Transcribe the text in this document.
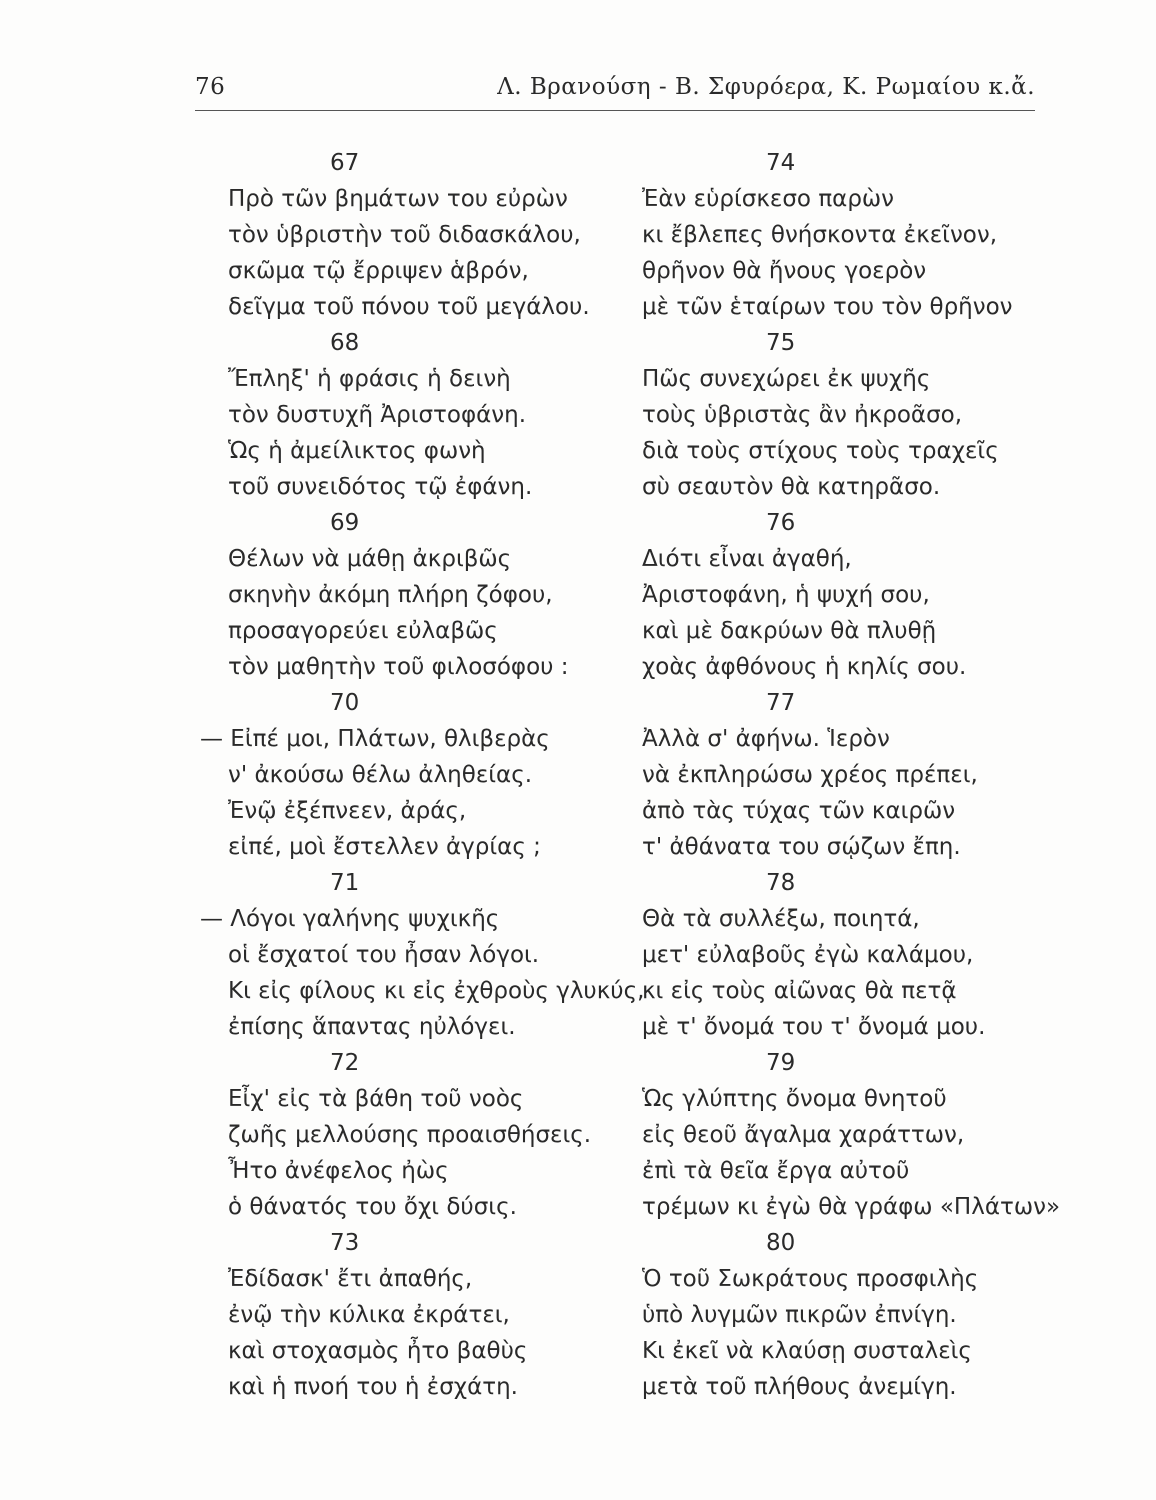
76	Λ. Βρανούση - Β. Σφυρόερα, Κ. Ρωμαίου κ.ἄ.
67
Πρὸ τῶν βημάτων του εὐρὼν
τὸν ὑβριστὴν τοῦ διδασκάλου,
σκῶμα τῷ ἔρριψεν ἁβρόν,
δεῖγμα τοῦ πόνου τοῦ μεγάλου.
68
Ἔπληξ' ἡ φράσις ἡ δεινὴ
τὸν δυστυχῆ Ἀριστοφάνη.
Ὡς ἡ ἀμείλικτος φωνὴ
τοῦ συνειδότος τῷ ἐφάνη.
69
Θέλων νὰ μάθῃ ἀκριβῶς
σκηνὴν ἀκόμη πλήρη ζόφου,
προσαγορεύει εὐλαβῶς
τὸν μαθητὴν τοῦ φιλοσόφου :
70
— Εἰπέ μοι, Πλάτων, θλιβερὰς
ν' ἀκούσω θέλω ἀληθείας.
Ἐνῷ ἐξέπνεεν, ἀράς,
εἰπέ, μοὶ ἔστελλεν ἀγρίας ;
71
— Λόγοι γαλήνης ψυχικῆς
οἱ ἔσχατοί του ἦσαν λόγοι.
Κι εἰς φίλους κι εἰς ἐχθροὺς γλυκύς,
ἐπίσης ἅπαντας ηὐλόγει.
72
Εἶχ' εἰς τὰ βάθη τοῦ νοὸς
ζωῆς μελλούσης προαισθήσεις.
Ἦτο ἀνέφελος ἠὼς
ὁ θάνατός του ὄχι δύσις.
73
Ἐδίδασκ' ἔτι ἀπαθής,
ἐνῷ τὴν κύλικα ἐκράτει,
καὶ στοχασμὸς ἦτο βαθὺς
καὶ ἡ πνοή του ἡ ἐσχάτη.
74
Ἐὰν εὑρίσκεσο παρὼν
κι ἔβλεπες θνήσκοντα ἐκεῖνον,
θρῆνον θὰ ἤνους γοερὸν
μὲ τῶν ἑταίρων του τὸν θρῆνον
75
Πῶς συνεχώρει ἐκ ψυχῆς
τοὺς ὑβριστὰς ἂν ἠκροᾶσο,
διὰ τοὺς στίχους τοὺς τραχεῖς
σὺ σεαυτὸν θὰ κατηρᾶσο.
76
Διότι εἶναι ἀγαθή,
Ἀριστοφάνη, ἡ ψυχή σου,
καὶ μὲ δακρύων θὰ πλυθῇ
χοὰς ἀφθόνους ἡ κηλίς σου.
77
Ἀλλὰ σ' ἀφήνω. Ἱερὸν
νὰ ἐκπληρώσω χρέος πρέπει,
ἀπὸ τὰς τύχας τῶν καιρῶν
τ' ἀθάνατα του σῴζων ἔπη.
78
Θὰ τὰ συλλέξω, ποιητά,
μετ' εὐλαβοῦς ἐγὼ καλάμου,
κι εἰς τοὺς αἰῶνας θὰ πετᾷ
μὲ τ' ὄνομά του τ' ὄνομά μου.
79
Ὡς γλύπτης ὄνομα θνητοῦ
εἰς θεοῦ ἄγαλμα χαράττων,
ἐπὶ τὰ θεῖα ἔργα αὐτοῦ
τρέμων κι ἐγὼ θὰ γράφω «Πλάτων»
80
Ὁ τοῦ Σωκράτους προσφιλὴς
ὑπὸ λυγμῶν πικρῶν ἐπνίγη.
Κι ἐκεῖ νὰ κλαύσῃ συσταλεὶς
μετὰ τοῦ πλήθους ἀνεμίγη.
